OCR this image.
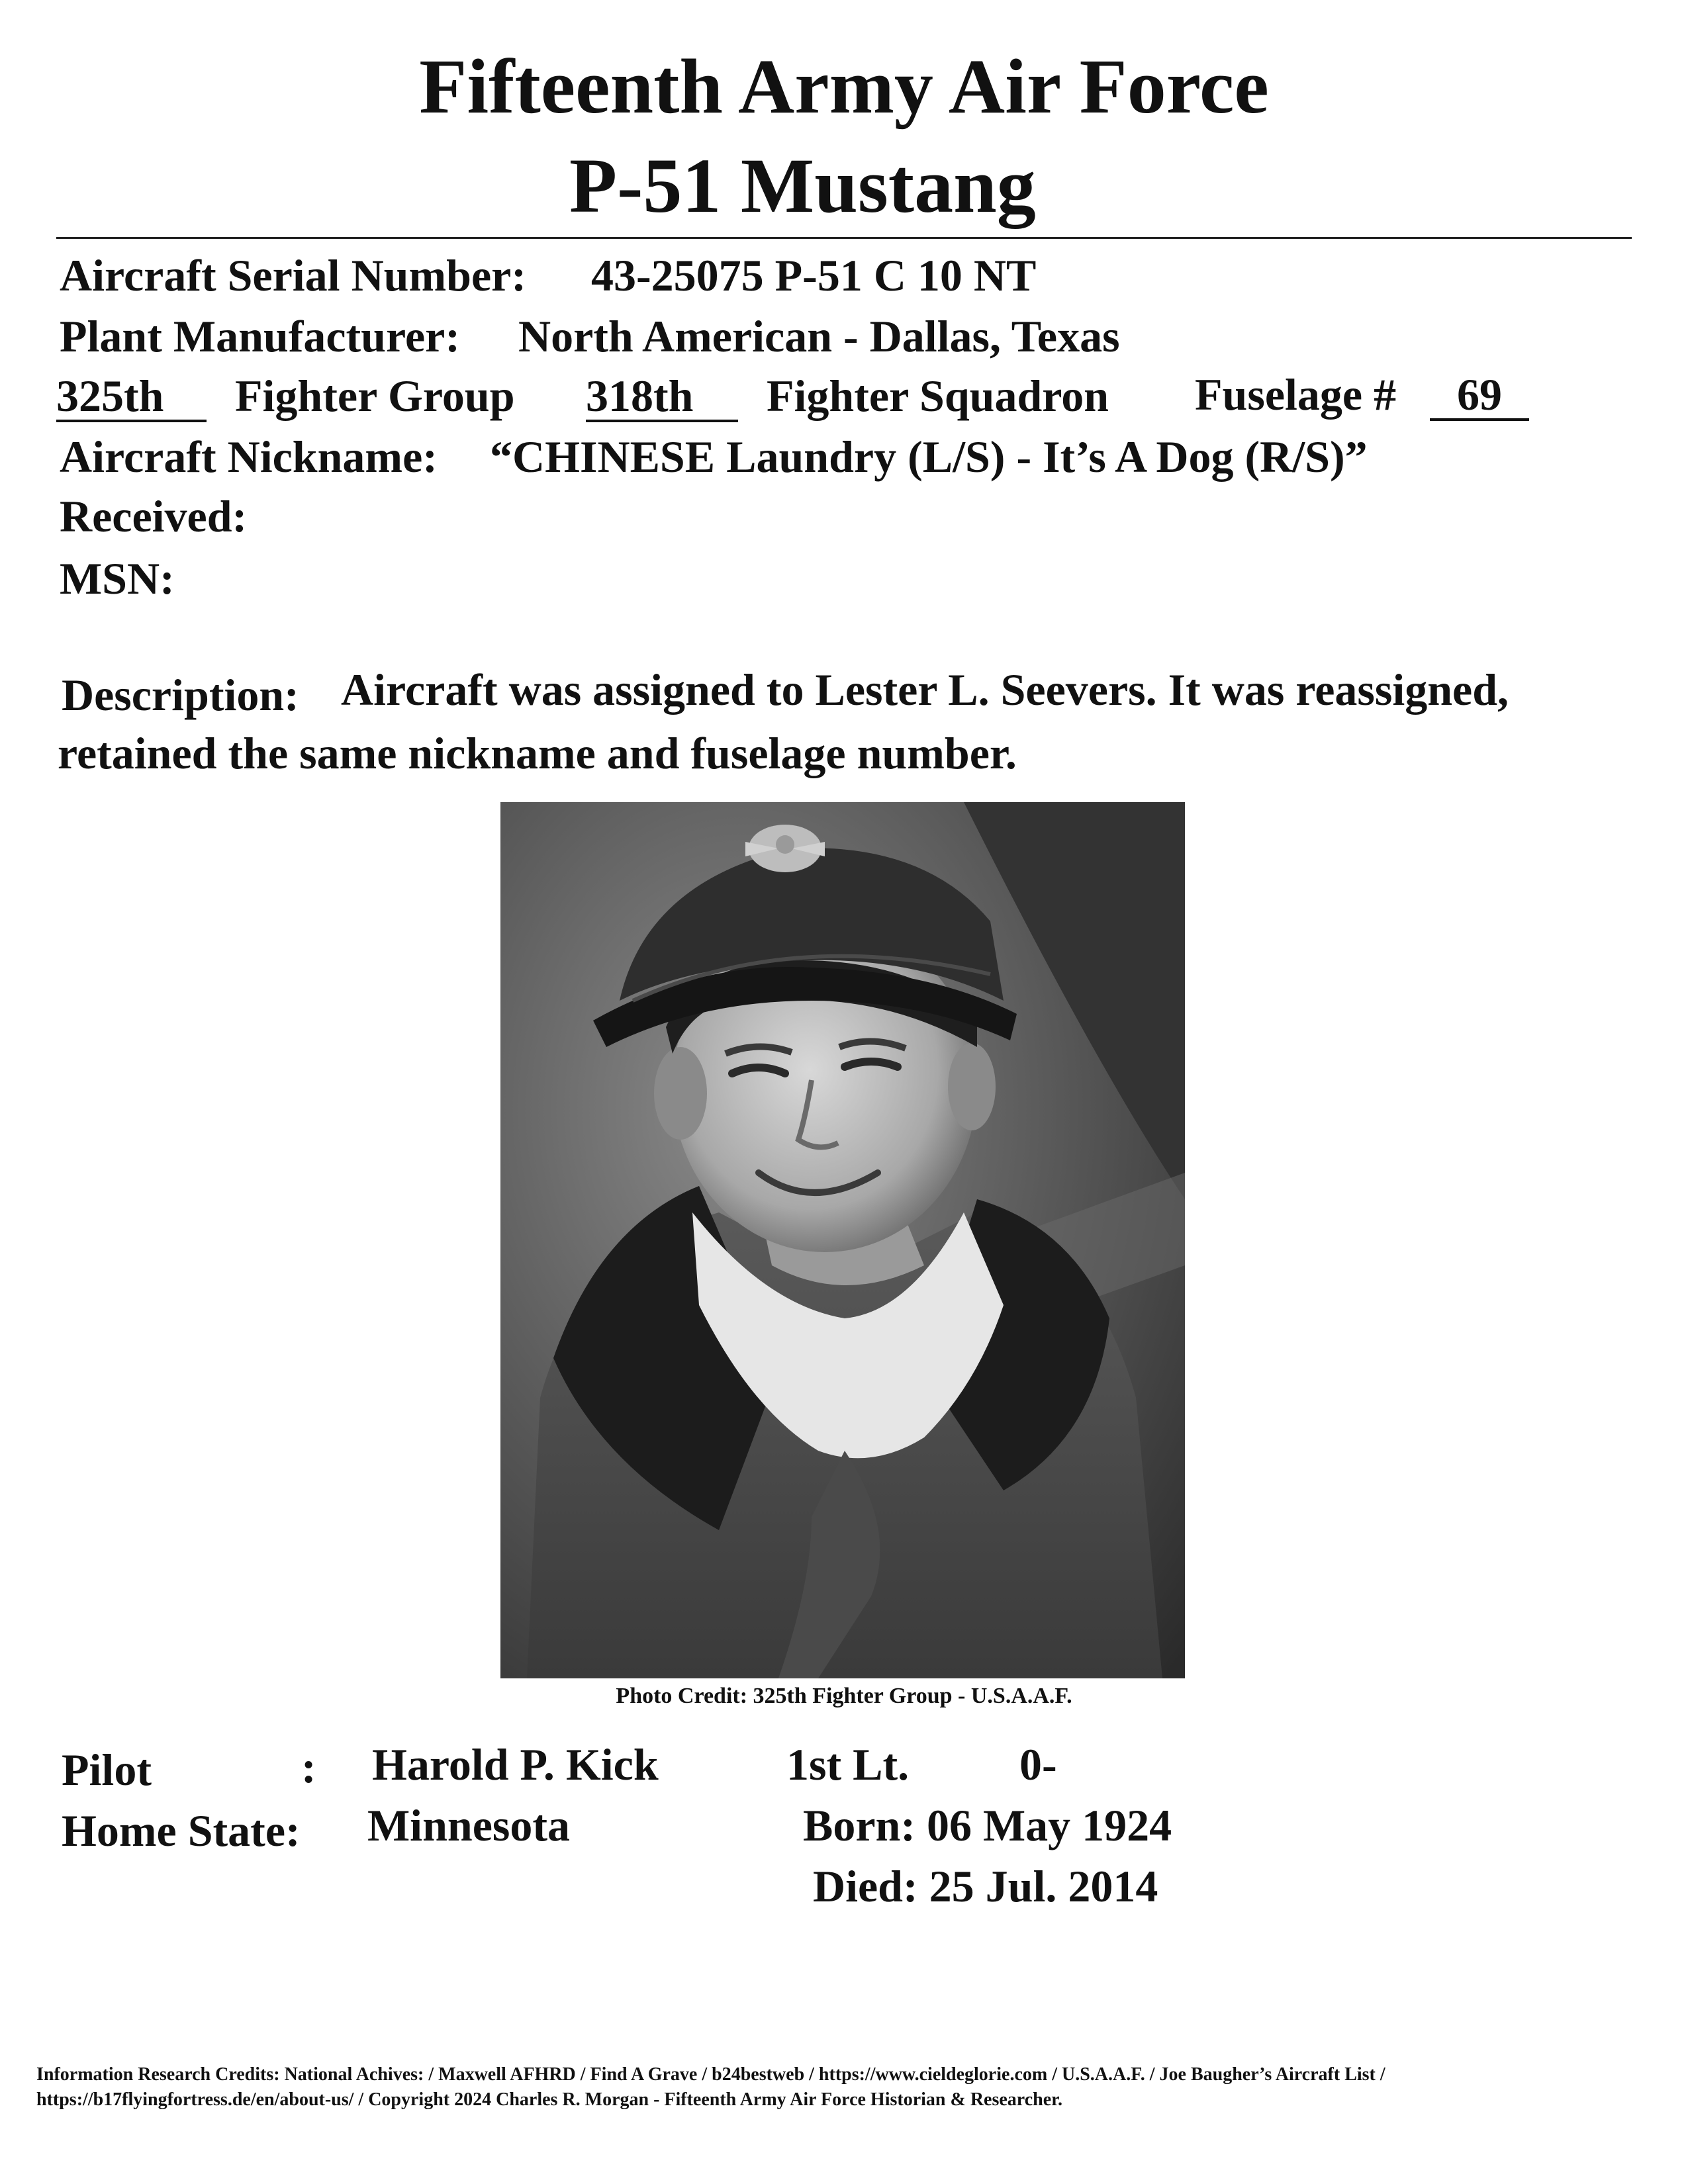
Fifteenth Army Air Force
P-51 Mustang
Aircraft Serial Number: 43-25075 P-51 C 10 NT
Plant Manufacturer: North American - Dallas, Texas
325th	Fighter Group 318th	Fighter Squadron Fuselage #	69
Aircraft Nickname: “CHINESE Laundry (L/S) - It’s A Dog (R/S)”
Received:
MSN:
Description: Aircraft was assigned to Lester L. Seevers. It was reassigned,
retained the same nickname and fuselage number.
Photo Credit: 325th Fighter Group - U.S.A.A.F.
Pilot	: Harold P. Kick	1st Lt. 0-
Home State: Minnesota	Born: 06 May 1924
Died: 25 Jul. 2014
Information Research Credits: National Achives: / Maxwell AFHRD / Find A Grave / b24bestweb / https://www.cieldeglorie.com / U.S.A.A.F. / Joe Baugher’s Aircraft List /
https://b17flyingfortress.de/en/about-us/ / Copyright 2024 Charles R. Morgan - Fifteenth Army Air Force Historian & Researcher.
